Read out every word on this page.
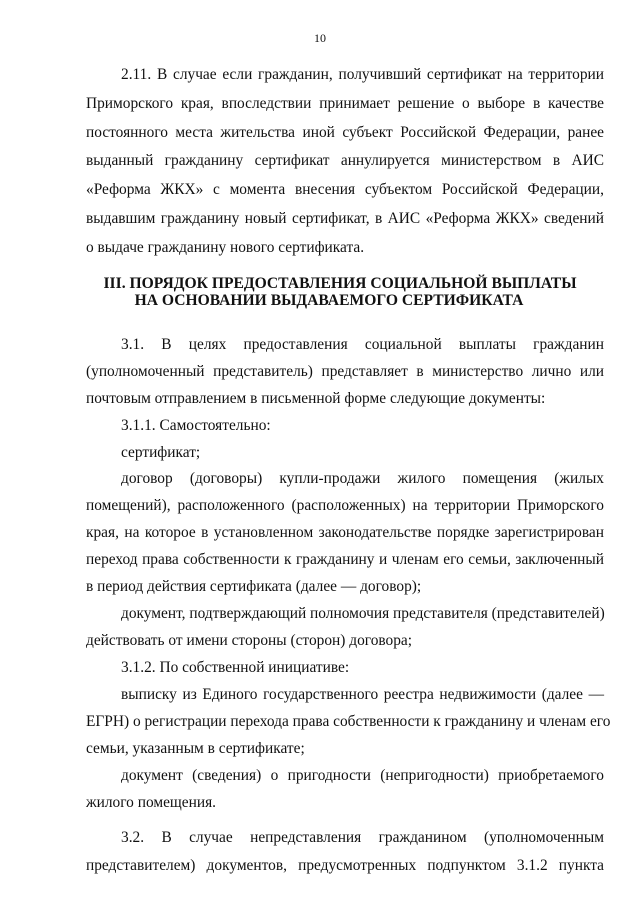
10
2.11. В случае если гражданин, получивший сертификат на территории
Приморского края, впоследствии принимает решение о выборе в качестве
постоянного места жительства иной субъект Российской Федерации, ранее
выданный гражданину сертификат аннулируется министерством в АИС
«Реформа ЖКХ» с момента внесения субъектом Российской Федерации,
выдавшим гражданину новый сертификат, в АИС «Реформа ЖКХ» сведений
о выдаче гражданину нового сертификата.
III. ПОРЯДОК ПРЕДОСТАВЛЕНИЯ СОЦИАЛЬНОЙ ВЫПЛАТЫ
НА ОСНОВАНИИ ВЫДАВАЕМОГО СЕРТИФИКАТА
3.1. В целях предоставления социальной выплаты гражданин
(уполномоченный представитель) представляет в министерство лично или
почтовым отправлением в письменной форме следующие документы:
3.1.1. Самостоятельно:
сертификат;
договор (договоры) купли-продажи жилого помещения (жилых
помещений), расположенного (расположенных) на территории Приморского
края, на которое в установленном законодательстве порядке зарегистрирован
переход права собственности к гражданину и членам его семьи, заключенный
в период действия сертификата (далее — договор);
документ, подтверждающий полномочия представителя (представителей)
действовать от имени стороны (сторон) договора;
3.1.2. По собственной инициативе:
выписку из Единого государственного реестра недвижимости (далее —
ЕГРН) о регистрации перехода права собственности к гражданину и членам его
семьи, указанным в сертификате;
документ (сведения) о пригодности (непригодности) приобретаемого
жилого помещения.
3.2. В случае непредставления гражданином (уполномоченным
представителем) документов, предусмотренных подпунктом 3.1.2 пункта
